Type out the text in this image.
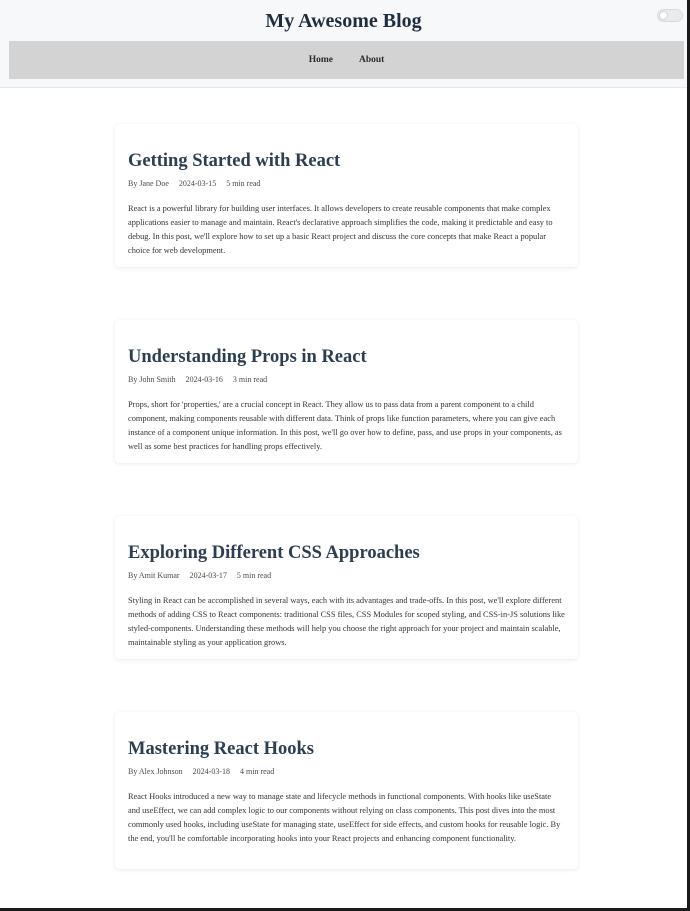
My Awesome Blog
Home	About
Getting Started with React
By Jane Doe 2024-03-15 5 min read

React is a powerful library for building user interfaces. It allows developers to create reusable components that make complex applications easier to manage and maintain. React's declarative approach simplifies the code, making it predictable and easy to debug. In this post, we'll explore how to set up a basic React project and discuss the core concepts that make React a popular choice for web development.

Understanding Props in React
By John Smith 2024-03-16 3 min read

Props, short for 'properties,' are a crucial concept in React. They allow us to pass data from a parent component to a child component, making components reusable with different data. Think of props like function parameters, where you can give each instance of a component unique information. In this post, we'll go over how to define, pass, and use props in your components, as well as some best practices for handling props effectively.

Exploring Different CSS Approaches
By Amit Kumar 2024-03-17 5 min read

Styling in React can be accomplished in several ways, each with its advantages and trade-offs. In this post, we'll explore different methods of adding CSS to React components: traditional CSS files, CSS Modules for scoped styling, and CSS-in-JS solutions like styled-components. Understanding these methods will help you choose the right approach for your project and maintain scalable, maintainable styling as your application grows.

Mastering React Hooks
By Alex Johnson 2024-03-18 4 min read

React Hooks introduced a new way to manage state and lifecycle methods in functional components. With hooks like useState and useEffect, we can add complex logic to our components without relying on class components. This post dives into the most commonly used hooks, including useState for managing state, useEffect for side effects, and custom hooks for reusable logic. By the end, you'll be comfortable incorporating hooks into your React projects and enhancing component functionality.
